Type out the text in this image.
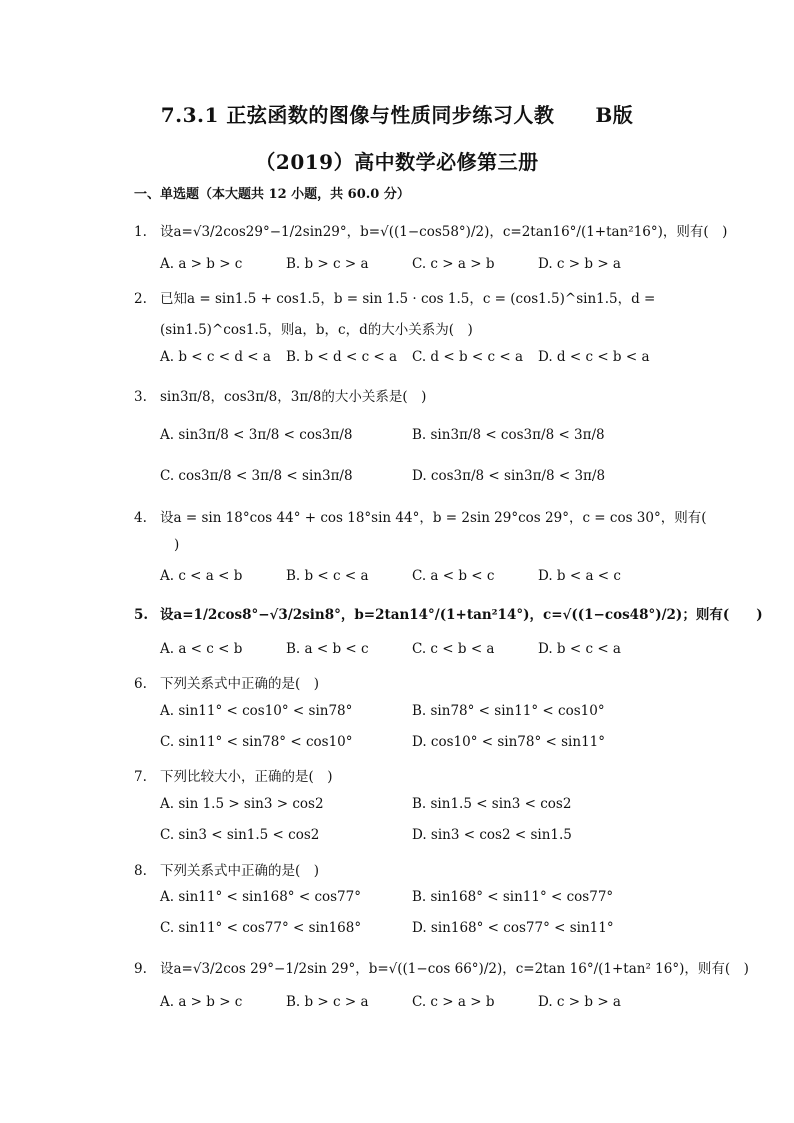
7.3.1 正弦函数的图像与性质同步练习人教　　B版
（2019）高中数学必修第三册
一、单选题（本大题共 12 小题，共 60.0 分）
1. 设a=√3/2cos29°−1/2sin29°，b=√((1−cos58°)/2)，c=2tan16°/(1+tan²16°)，则有(　)
A. a > b > c	B. b > c > a	C. c > a > b	D. c > b > a
2. 已知a = sin1.5 + cos1.5，b = sin 1.5 · cos 1.5，c = (cos1.5)^sin1.5，d =
(sin1.5)^cos1.5，则a，b，c，d的大小关系为(　)
A. b < c < d < a B. b < d < c < a C. d < b < c < a D. d < c < b < a
3. sin3π/8，cos3π/8，3π/8的大小关系是(　)
A. sin3π/8 < 3π/8 < cos3π/8	B. sin3π/8 < cos3π/8 < 3π/8
C. cos3π/8 < 3π/8 < sin3π/8	D. cos3π/8 < sin3π/8 < 3π/8
4. 设a = sin 18°cos 44° + cos 18°sin 44°，b = 2sin 29°cos 29°，c = cos 30°，则有(
)
A. c < a < b	B. b < c < a	C. a < b < c	D. b < a < c
5. 设a=1/2cos8°−√3/2sin8°，b=2tan14°/(1+tan²14°)，c=√((1−cos48°)/2)；则有(　　)
A. a < c < b	B. a < b < c	C. c < b < a	D. b < c < a
6. 下列关系式中正确的是(　)
A. sin11° < cos10° < sin78°	B. sin78° < sin11° < cos10°
C. sin11° < sin78° < cos10°	D. cos10° < sin78° < sin11°
7. 下列比较大小，正确的是(　)
A. sin 1.5 > sin3 > cos2	B. sin1.5 < sin3 < cos2
C. sin3 < sin1.5 < cos2	D. sin3 < cos2 < sin1.5
8. 下列关系式中正确的是(　)
A. sin11° < sin168° < cos77°	B. sin168° < sin11° < cos77°
C. sin11° < cos77° < sin168°	D. sin168° < cos77° < sin11°
9. 设a=√3/2cos 29°−1/2sin 29°，b=√((1−cos 66°)/2)，c=2tan 16°/(1+tan² 16°)，则有(　)
A. a > b > c	B. b > c > a	C. c > a > b	D. c > b > a
